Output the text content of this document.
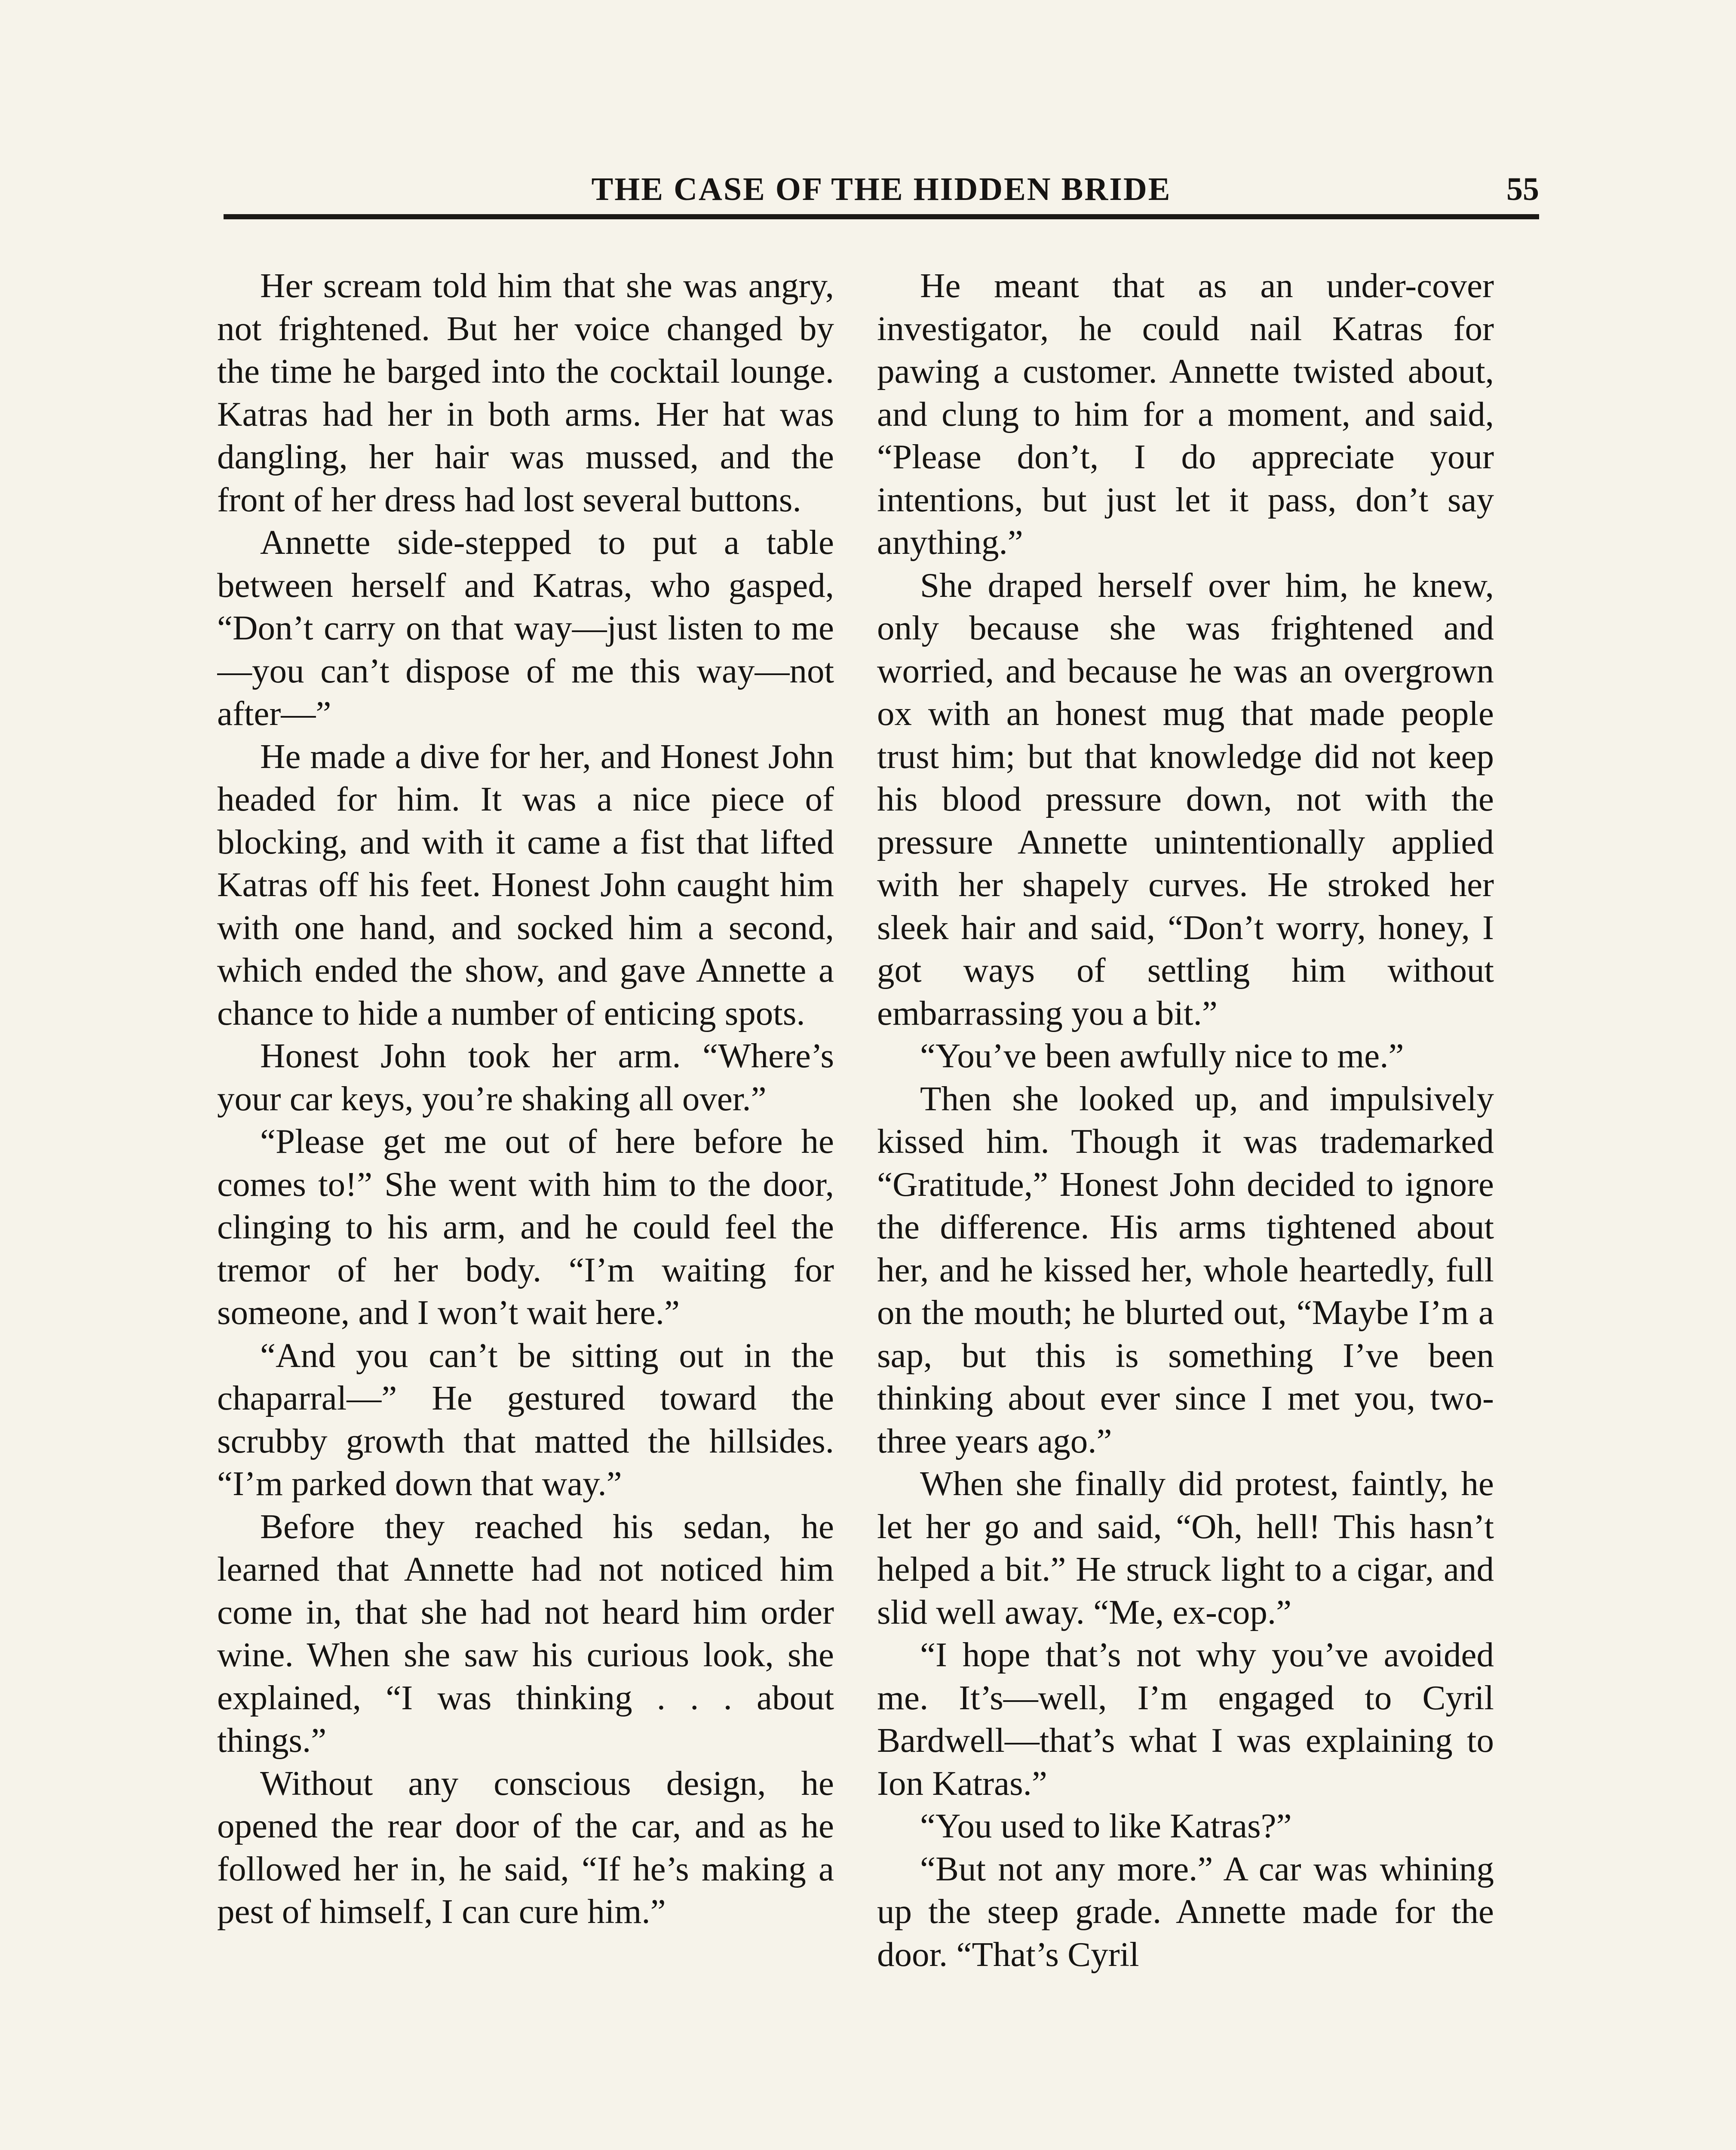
THE CASE OF THE HIDDEN BRIDE	55

Her scream told him that she was angry, not frightened. But her voice changed by the time he barged into the cocktail lounge. Katras had her in both arms. Her hat was dangling, her hair was mussed, and the front of her dress had lost several buttons.

Annette side-stepped to put a table between herself and Katras, who gasped, “Don’t carry on that way—just listen to me—you can’t dispose of me this way—not after—”

He made a dive for her, and Honest John headed for him. It was a nice piece of blocking, and with it came a fist that lifted Katras off his feet. Honest John caught him with one hand, and socked him a second, which ended the show, and gave Annette a chance to hide a number of enticing spots.

Honest John took her arm. “Where’s your car keys, you’re shaking all over.”

“Please get me out of here before he comes to!” She went with him to the door, clinging to his arm, and he could feel the tremor of her body. “I’m waiting for someone, and I won’t wait here.”

“And you can’t be sitting out in the chaparral—” He gestured toward the scrubby growth that matted the hillsides. “I’m parked down that way.”

Before they reached his sedan, he learned that Annette had not noticed him come in, that she had not heard him order wine. When she saw his curious look, she explained, “I was thinking . . . about things.”

Without any conscious design, he opened the rear door of the car, and as he followed her in, he said, “If he’s making a pest of himself, I can cure him.”

He meant that as an under-cover investigator, he could nail Katras for pawing a customer. Annette twisted about, and clung to him for a moment, and said, “Please don’t, I do appreciate your intentions, but just let it pass, don’t say anything.”

She draped herself over him, he knew, only because she was frightened and worried, and because he was an overgrown ox with an honest mug that made people trust him; but that knowledge did not keep his blood pressure down, not with the pressure Annette unintentionally applied with her shapely curves. He stroked her sleek hair and said, “Don’t worry, honey, I got ways of settling him without embarrassing you a bit.”

“You’ve been awfully nice to me.”

Then she looked up, and impulsively kissed him. Though it was trademarked “Gratitude,” Honest John decided to ignore the difference. His arms tightened about her, and he kissed her, whole heartedly, full on the mouth; he blurted out, “Maybe I’m a sap, but this is something I’ve been thinking about ever since I met you, two-three years ago.”

When she finally did protest, faintly, he let her go and said, “Oh, hell! This hasn’t helped a bit.” He struck light to a cigar, and slid well away. “Me, ex-cop.”

“I hope that’s not why you’ve avoided me. It’s—well, I’m engaged to Cyril Bardwell—that’s what I was explaining to Ion Katras.”

“You used to like Katras?”

“But not any more.” A car was whining up the steep grade. Annette made for the door. “That’s Cyril
